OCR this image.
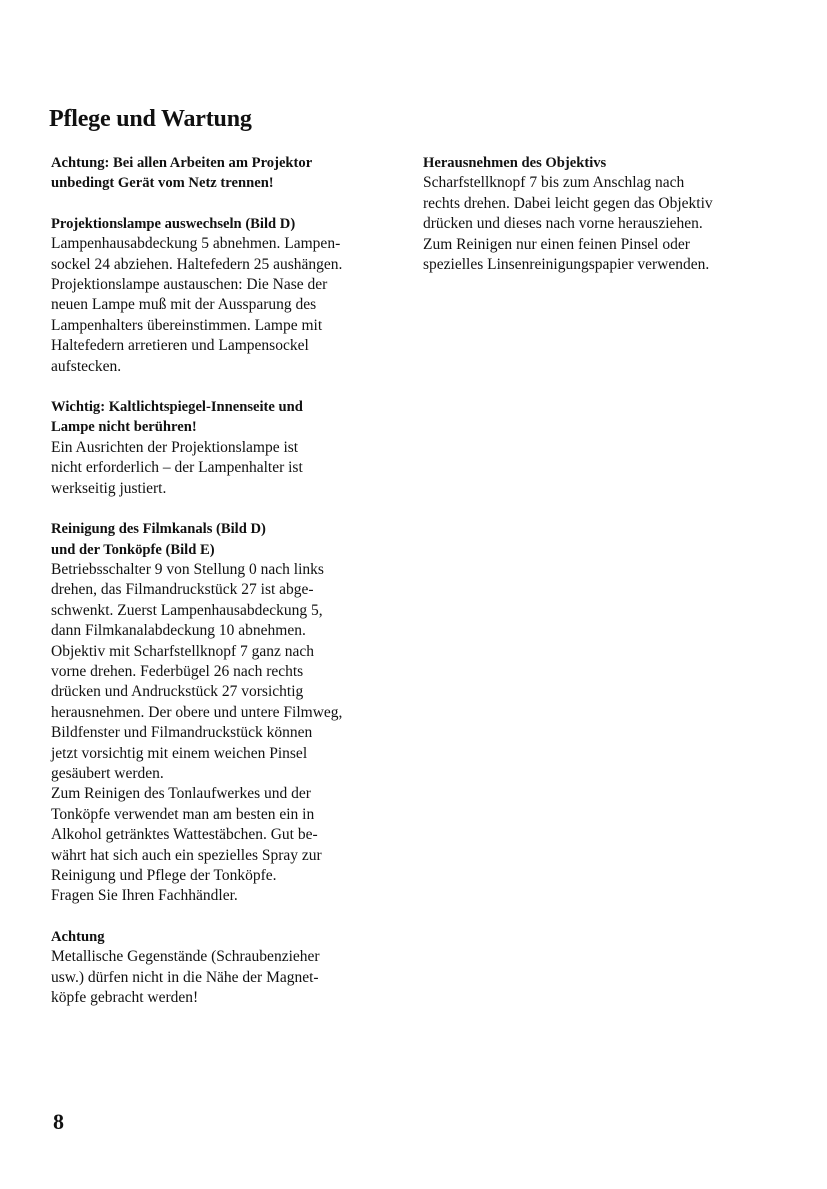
Pflege und Wartung
Achtung: Bei allen Arbeiten am Projektor
unbedingt Gerät vom Netz trennen!
Projektionslampe auswechseln (Bild D)
Lampenhausabdeckung 5 abnehmen. Lampen-
sockel 24 abziehen. Haltefedern 25 aushängen.
Projektionslampe austauschen: Die Nase der
neuen Lampe muß mit der Aussparung des
Lampenhalters übereinstimmen. Lampe mit
Haltefedern arretieren und Lampensockel
aufstecken.
Wichtig: Kaltlichtspiegel-Innenseite und
Lampe nicht berühren!
Ein Ausrichten der Projektionslampe ist
nicht erforderlich – der Lampenhalter ist
werkseitig justiert.
Reinigung des Filmkanals (Bild D)
und der Tonköpfe (Bild E)
Betriebsschalter 9 von Stellung 0 nach links
drehen, das Filmandruckstück 27 ist abge-
schwenkt. Zuerst Lampenhausabdeckung 5,
dann Filmkanalabdeckung 10 abnehmen.
Objektiv mit Scharfstellknopf 7 ganz nach
vorne drehen. Federbügel 26 nach rechts
drücken und Andruckstück 27 vorsichtig
herausnehmen. Der obere und untere Filmweg,
Bildfenster und Filmandruckstück können
jetzt vorsichtig mit einem weichen Pinsel
gesäubert werden.
Zum Reinigen des Tonlaufwerkes und der
Tonköpfe verwendet man am besten ein in
Alkohol getränktes Wattestäbchen. Gut be-
währt hat sich auch ein spezielles Spray zur
Reinigung und Pflege der Tonköpfe.
Fragen Sie Ihren Fachhändler.
Achtung
Metallische Gegenstände (Schraubenzieher
usw.) dürfen nicht in die Nähe der Magnet-
köpfe gebracht werden!
Herausnehmen des Objektivs
Scharfstellknopf 7 bis zum Anschlag nach
rechts drehen. Dabei leicht gegen das Objektiv
drücken und dieses nach vorne herausziehen.
Zum Reinigen nur einen feinen Pinsel oder
spezielles Linsenreinigungspapier verwenden.
8
